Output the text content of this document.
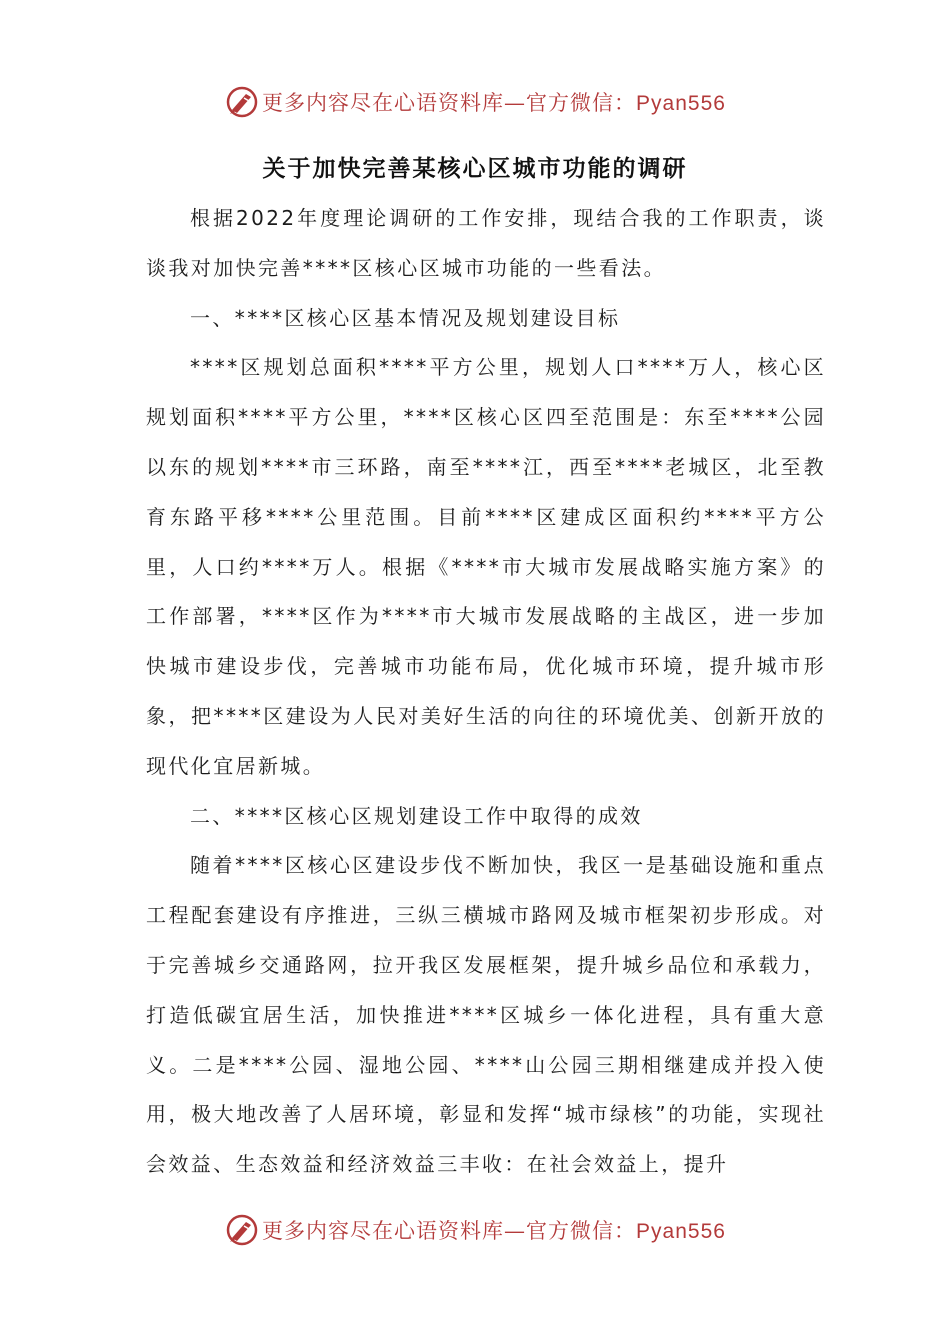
更多内容尽在心语资料库—官方微信：Pyan556
关于加快完善某核心区城市功能的调研

根据2022年度理论调研的工作安排，现结合我的工作职责，谈谈我对加快完善****区核心区城市功能的一些看法。

一、****区核心区基本情况及规划建设目标

****区规划总面积****平方公里，规划人口****万人，核心区规划面积****平方公里，****区核心区四至范围是：东至****公园以东的规划****市三环路，南至****江，西至****老城区，北至教育东路平移****公里范围。目前****区建成区面积约****平方公里，人口约****万人。根据《****市大城市发展战略实施方案》的工作部署，****区作为****市大城市发展战略的主战区，进一步加快城市建设步伐，完善城市功能布局，优化城市环境，提升城市形象，把****区建设为人民对美好生活的向往的环境优美、创新开放的现代化宜居新城。

二、****区核心区规划建设工作中取得的成效

随着****区核心区建设步伐不断加快，我区一是基础设施和重点工程配套建设有序推进，三纵三横城市路网及城市框架初步形成。对于完善城乡交通路网，拉开我区发展框架，提升城乡品位和承载力，打造低碳宜居生活，加快推进****区城乡一体化进程，具有重大意义。二是****公园、湿地公园、****山公园三期相继建成并投入使用，极大地改善了人居环境，彰显和发挥“城市绿核”的功能，实现社会效益、生态效益和经济效益三丰收：在社会效益上，提升

更多内容尽在心语资料库—官方微信：Pyan556
